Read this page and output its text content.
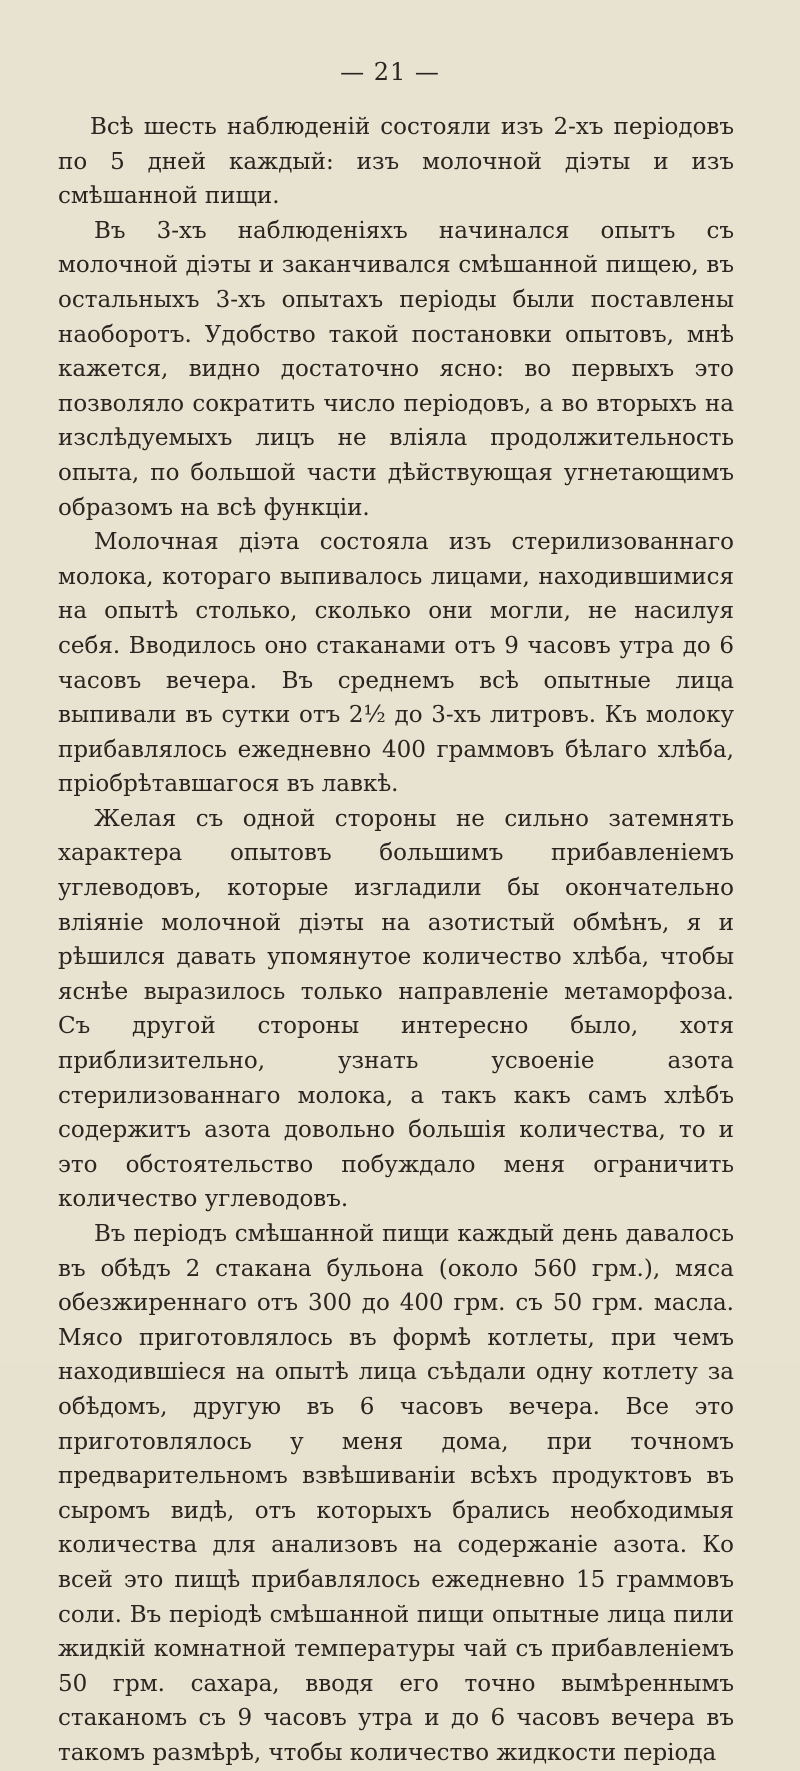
— 21 —

Всѣ шесть наблюденій состояли изъ 2-хъ періодовъ по 5 дней каждый: изъ молочной діэты и изъ смѣшанной пищи.

Въ 3-хъ наблюденіяхъ начинался опытъ съ молочной діэты и заканчивался смѣшанной пищею, въ остальныхъ 3-хъ опытахъ періоды были поставлены наоборотъ. Удобство такой постановки опытовъ, мнѣ кажется, видно достаточно ясно: во первыхъ это позволяло сократить число періодовъ, а во вторыхъ на изслѣдуемыхъ лицъ не вліяла продолжительность опыта, по большой части дѣйствующая угнетающимъ образомъ на всѣ функціи.

Молочная діэта состояла изъ стерилизованнаго молока, котораго выпивалось лицами, находившимися на опытѣ столько, сколько они могли, не насилуя себя. Вводилось оно стаканами отъ 9 часовъ утра до 6 часовъ вечера. Въ среднемъ всѣ опытные лица выпивали въ сутки отъ 2½ до 3-хъ литровъ. Къ молоку прибавлялось ежедневно 400 граммовъ бѣлаго хлѣба, пріобрѣтавшагося въ лавкѣ.

Желая съ одной стороны не сильно затемнять характера опытовъ большимъ прибавленіемъ углеводовъ, которые изгладили бы окончательно вліяніе молочной діэты на азотистый обмѣнъ, я и рѣшился давать упомянутое количество хлѣба, чтобы яснѣе выразилось только направленіе метаморфоза. Съ другой стороны интересно было, хотя приблизительно, узнать усвоеніе азота стерилизованнаго молока, а такъ какъ самъ хлѣбъ содержитъ азота довольно большія количества, то и это обстоятельство побуждало меня ограничить количество углеводовъ.

Въ періодъ смѣшанной пищи каждый день давалось въ обѣдъ 2 стакана бульона (около 560 грм.), мяса обезжиреннаго отъ 300 до 400 грм. съ 50 грм. масла. Мясо приготовлялось въ формѣ котлеты, при чемъ находившіеся на опытѣ лица съѣдали одну котлету за обѣдомъ, другую въ 6 часовъ вечера. Все это приготовлялось у меня дома, при точномъ предварительномъ взвѣшиваніи всѣхъ продуктовъ въ сыромъ видѣ, отъ которыхъ брались необходимыя количества для анализовъ на содержаніе азота. Ко всей это пищѣ прибавлялось ежедневно 15 граммовъ соли. Въ періодѣ смѣшанной пищи опытные лица пили жидкій комнатной температуры чай съ прибавленіемъ 50 грм. сахара, вводя его точно вымѣреннымъ стаканомъ съ 9 часовъ утра и до 6 часовъ вечера въ такомъ размѣрѣ, чтобы количество жидкости періода
